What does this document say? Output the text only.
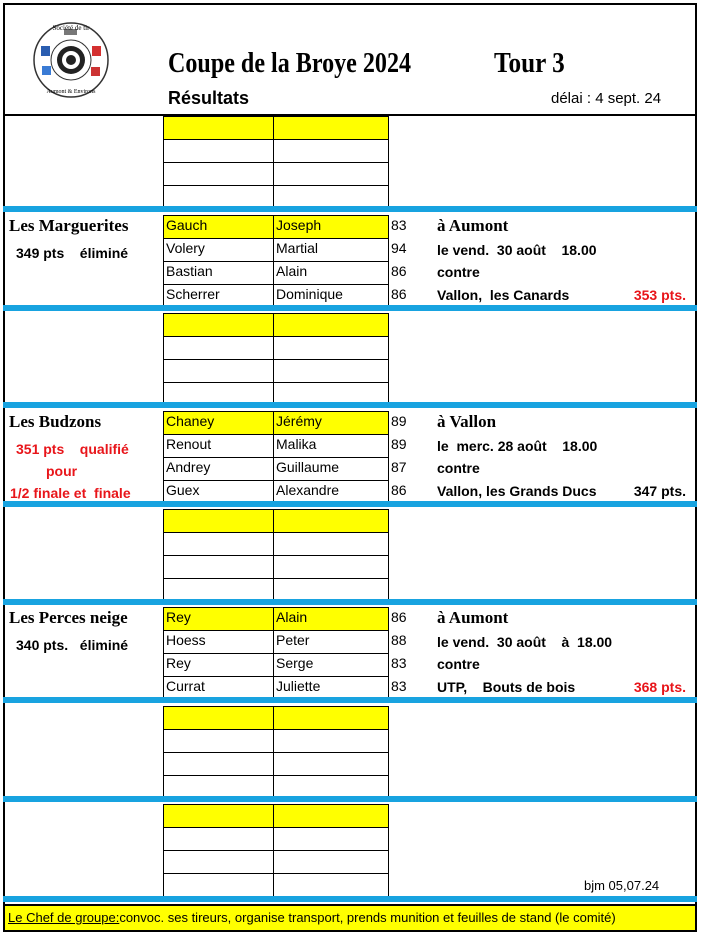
Société de tir
Aumont & Environs
Coupe de la Broye 2024	Tour 3
Résultats	délai : 4 sept. 24
Gauch	Joseph	83
Volery	Martial	94
Bastian	Alain	86
Scherrer	Dominique	86
Les Marguerites
349 pts    éliminé
à Aumont
le vend.  30 août    18.00
contre
Vallon,  les Canards	353 pts.
Chaney	Jérémy	89
Renout	Malika	89
Andrey	Guillaume	87
Guex	Alexandre	86
Les Budzons
351 pts    qualifié
pour
1/2 finale et  finale
à Vallon
le  merc. 28 août    18.00
contre
Vallon, les Grands Ducs	347 pts.
Rey	Alain	86
Hoess	Peter	88
Rey	Serge	83
Currat	Juliette	83
Les Perces neige
340 pts.   éliminé
à Aumont
le vend.  30 août    à  18.00
contre
UTP,    Bouts de bois	368 pts.
bjm 05,07.24
Le Chef de groupe:convoc. ses tireurs, organise transport, prends munition et feuilles de stand (le comité)
